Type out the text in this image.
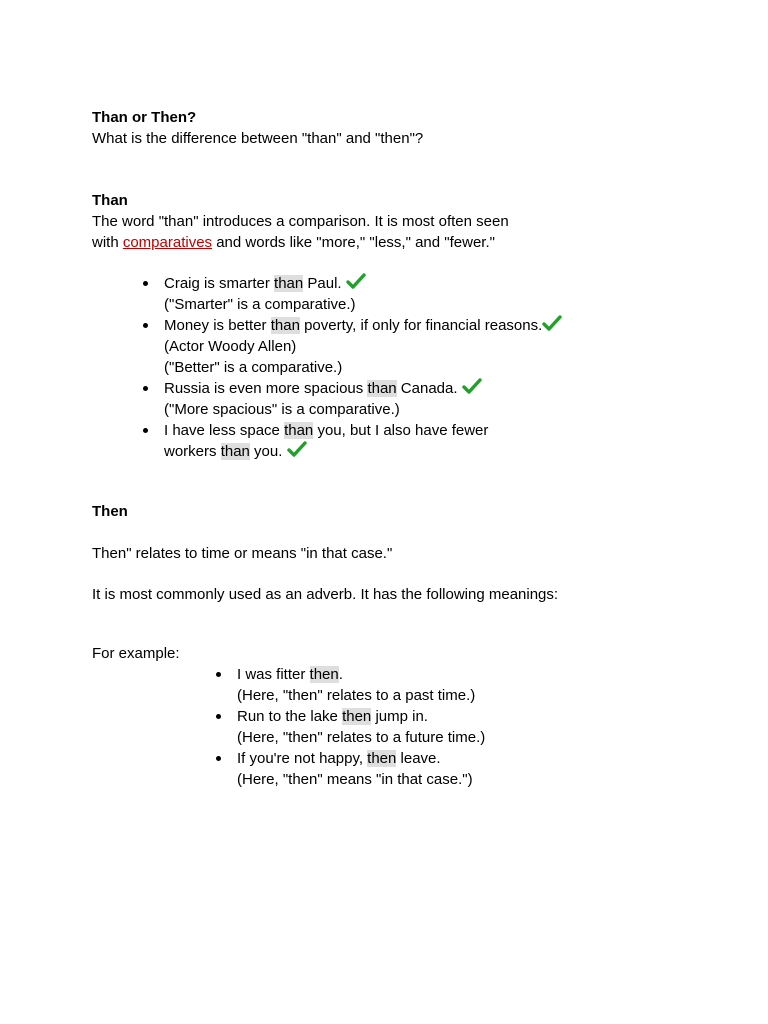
Than or Then?

What is the difference between "than" and "then"?

Than

The word "than" introduces a comparison. It is most often seen

with comparatives and words like "more," "less," and "fewer."

Craig is smarter than Paul.
("Smarter" is a comparative.)
Money is better than poverty, if only for financial reasons.
(Actor Woody Allen)
("Better" is a comparative.)
Russia is even more spacious than Canada.
("More spacious" is a comparative.)
I have less space than you, but I also have fewer
workers than you.

Then

Then" relates to time or means "in that case."

It is most commonly used as an adverb. It has the following meanings:

For example:

I was fitter then.
(Here, "then" relates to a past time.)
Run to the lake then jump in.
(Here, "then" relates to a future time.)
If you're not happy, then leave.
(Here, "then" means "in that case.")
